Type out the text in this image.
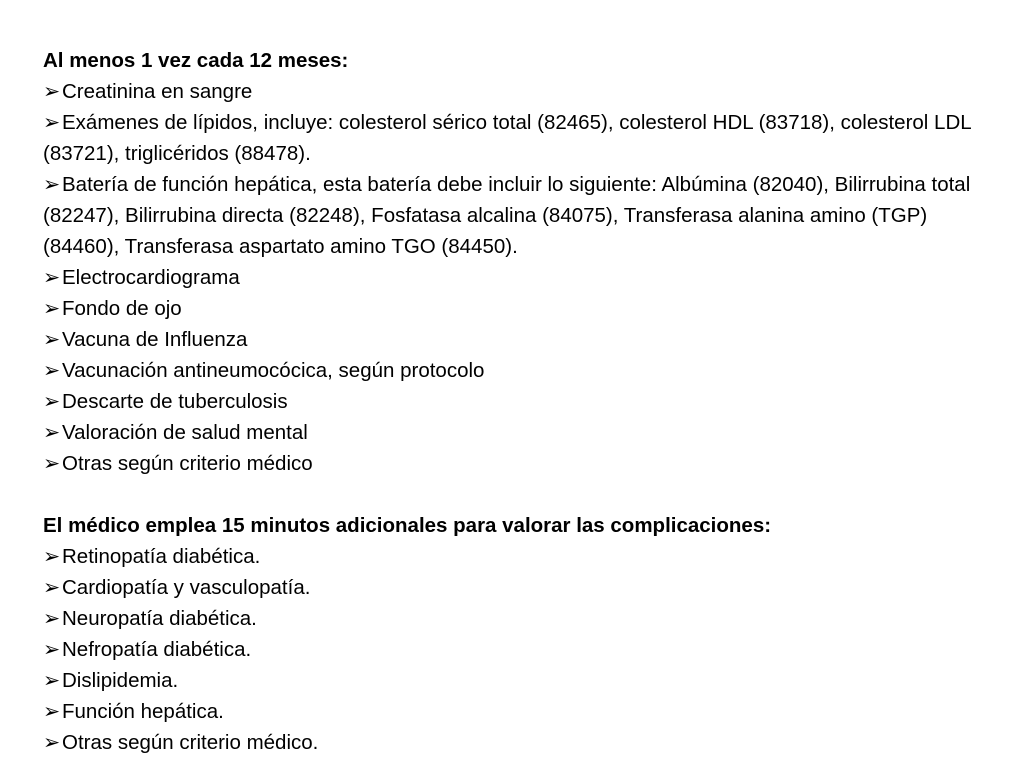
Al menos 1 vez cada 12 meses:

➢Creatinina en sangre
➢Exámenes de lípidos, incluye: colesterol sérico total (82465), colesterol HDL (83718), colesterol LDL (83721), triglicéridos (88478).
➢Batería de función hepática, esta batería debe incluir lo siguiente: Albúmina (82040), Bilirrubina total (82247), Bilirrubina directa (82248), Fosfatasa alcalina (84075), Transferasa alanina amino (TGP) (84460), Transferasa aspartato amino TGO (84450).
➢Electrocardiograma
➢Fondo de ojo
➢Vacuna de Influenza
➢Vacunación antineumocócica, según protocolo
➢Descarte de tuberculosis
➢Valoración de salud mental
➢Otras según criterio médico

El médico emplea 15 minutos adicionales para valorar las complicaciones:

➢Retinopatía diabética.
➢Cardiopatía y vasculopatía.
➢Neuropatía diabética.
➢Nefropatía diabética.
➢Dislipidemia.
➢Función hepática.
➢Otras según criterio médico.
